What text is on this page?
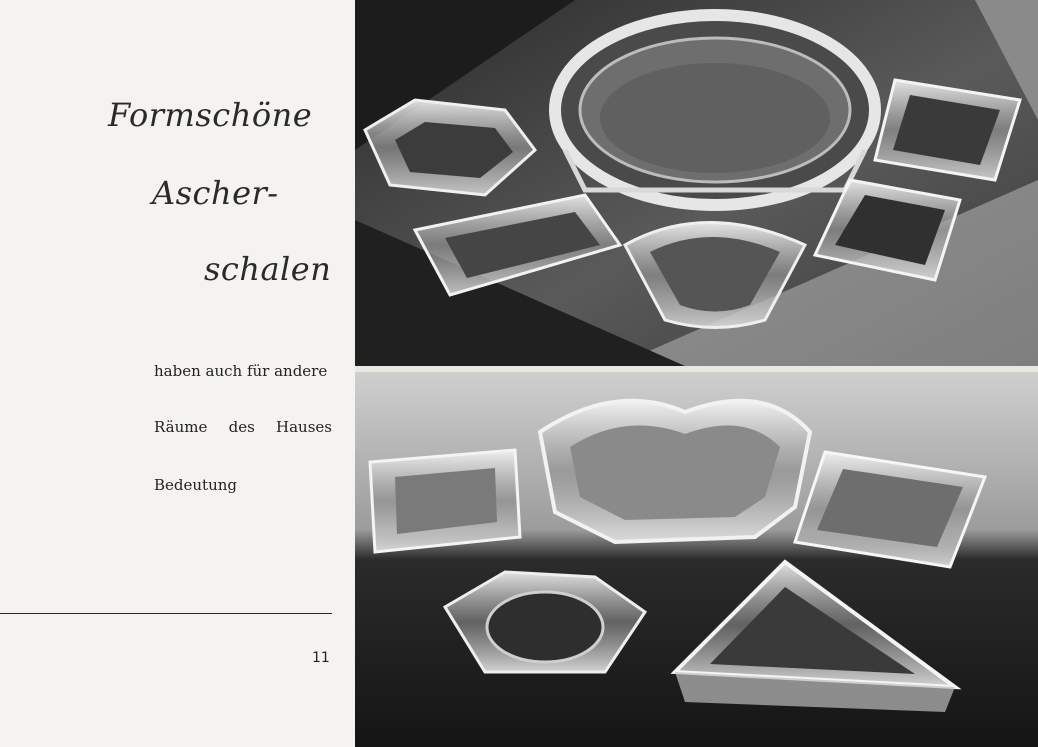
Formschöne
Ascher-
schalen

haben auch für andere

Räume des Hauses

Bedeutung

11
